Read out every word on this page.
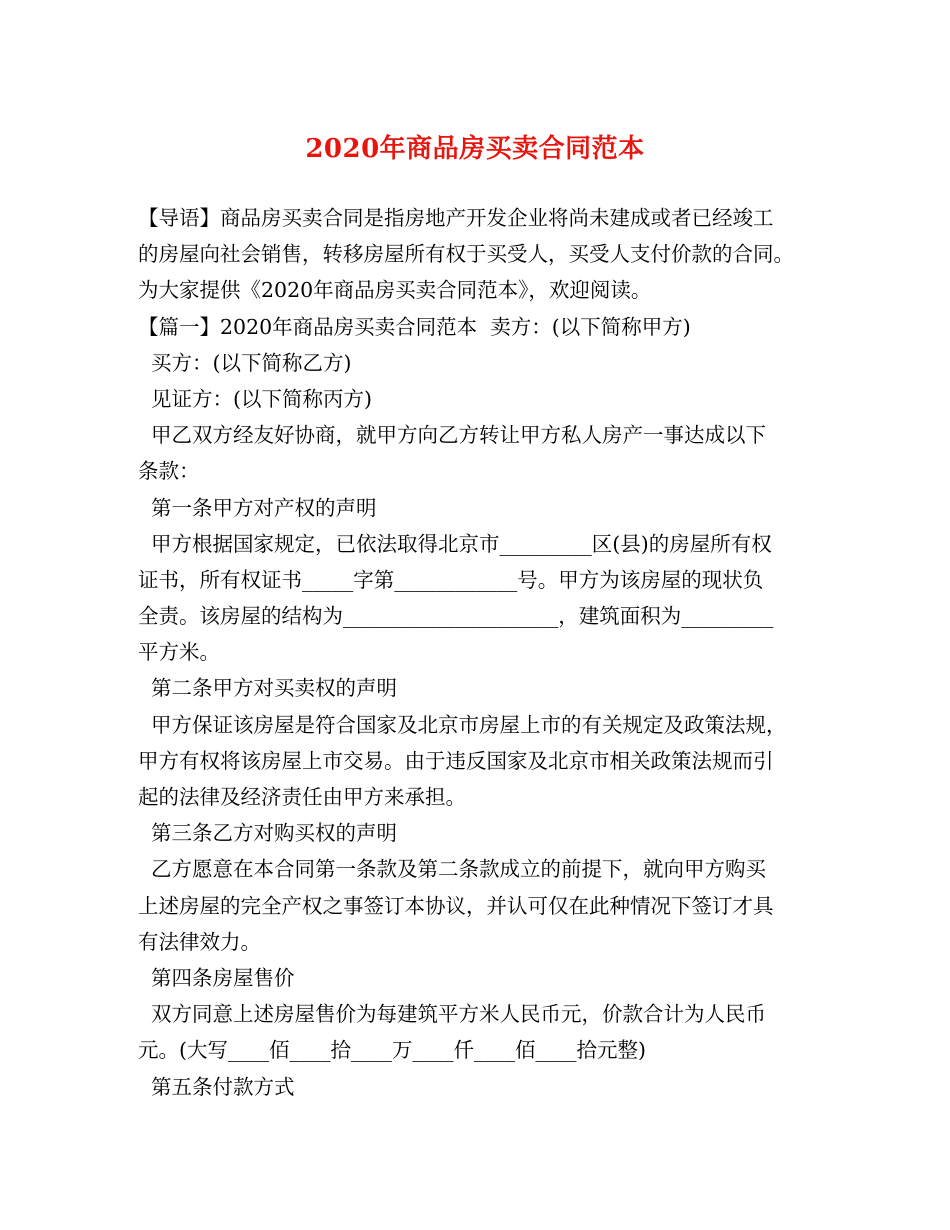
2020年商品房买卖合同范本
【导语】商品房买卖合同是指房地产开发企业将尚未建成或者已经竣工
的房屋向社会销售，转移房屋所有权于买受人，买受人支付价款的合同。
为大家提供《2020年商品房买卖合同范本》，欢迎阅读。
【篇一】2020年商品房买卖合同范本  卖方：(以下简称甲方)
买方：(以下简称乙方)
见证方：(以下简称丙方)
甲乙双方经友好协商，就甲方向乙方转让甲方私人房产一事达成以下
条款：
第一条甲方对产权的声明
甲方根据国家规定，已依法取得北京市_________区(县)的房屋所有权
证书，所有权证书_____字第____________号。甲方为该房屋的现状负
全责。该房屋的结构为_____________________，建筑面积为_________
平方米。
第二条甲方对买卖权的声明
甲方保证该房屋是符合国家及北京市房屋上市的有关规定及政策法规，
甲方有权将该房屋上市交易。由于违反国家及北京市相关政策法规而引
起的法律及经济责任由甲方来承担。
第三条乙方对购买权的声明
乙方愿意在本合同第一条款及第二条款成立的前提下，就向甲方购买
上述房屋的完全产权之事签订本协议，并认可仅在此种情况下签订才具
有法律效力。
第四条房屋售价
双方同意上述房屋售价为每建筑平方米人民币元，价款合计为人民币
元。(大写____佰____拾____万____仟____佰____拾元整)
第五条付款方式
